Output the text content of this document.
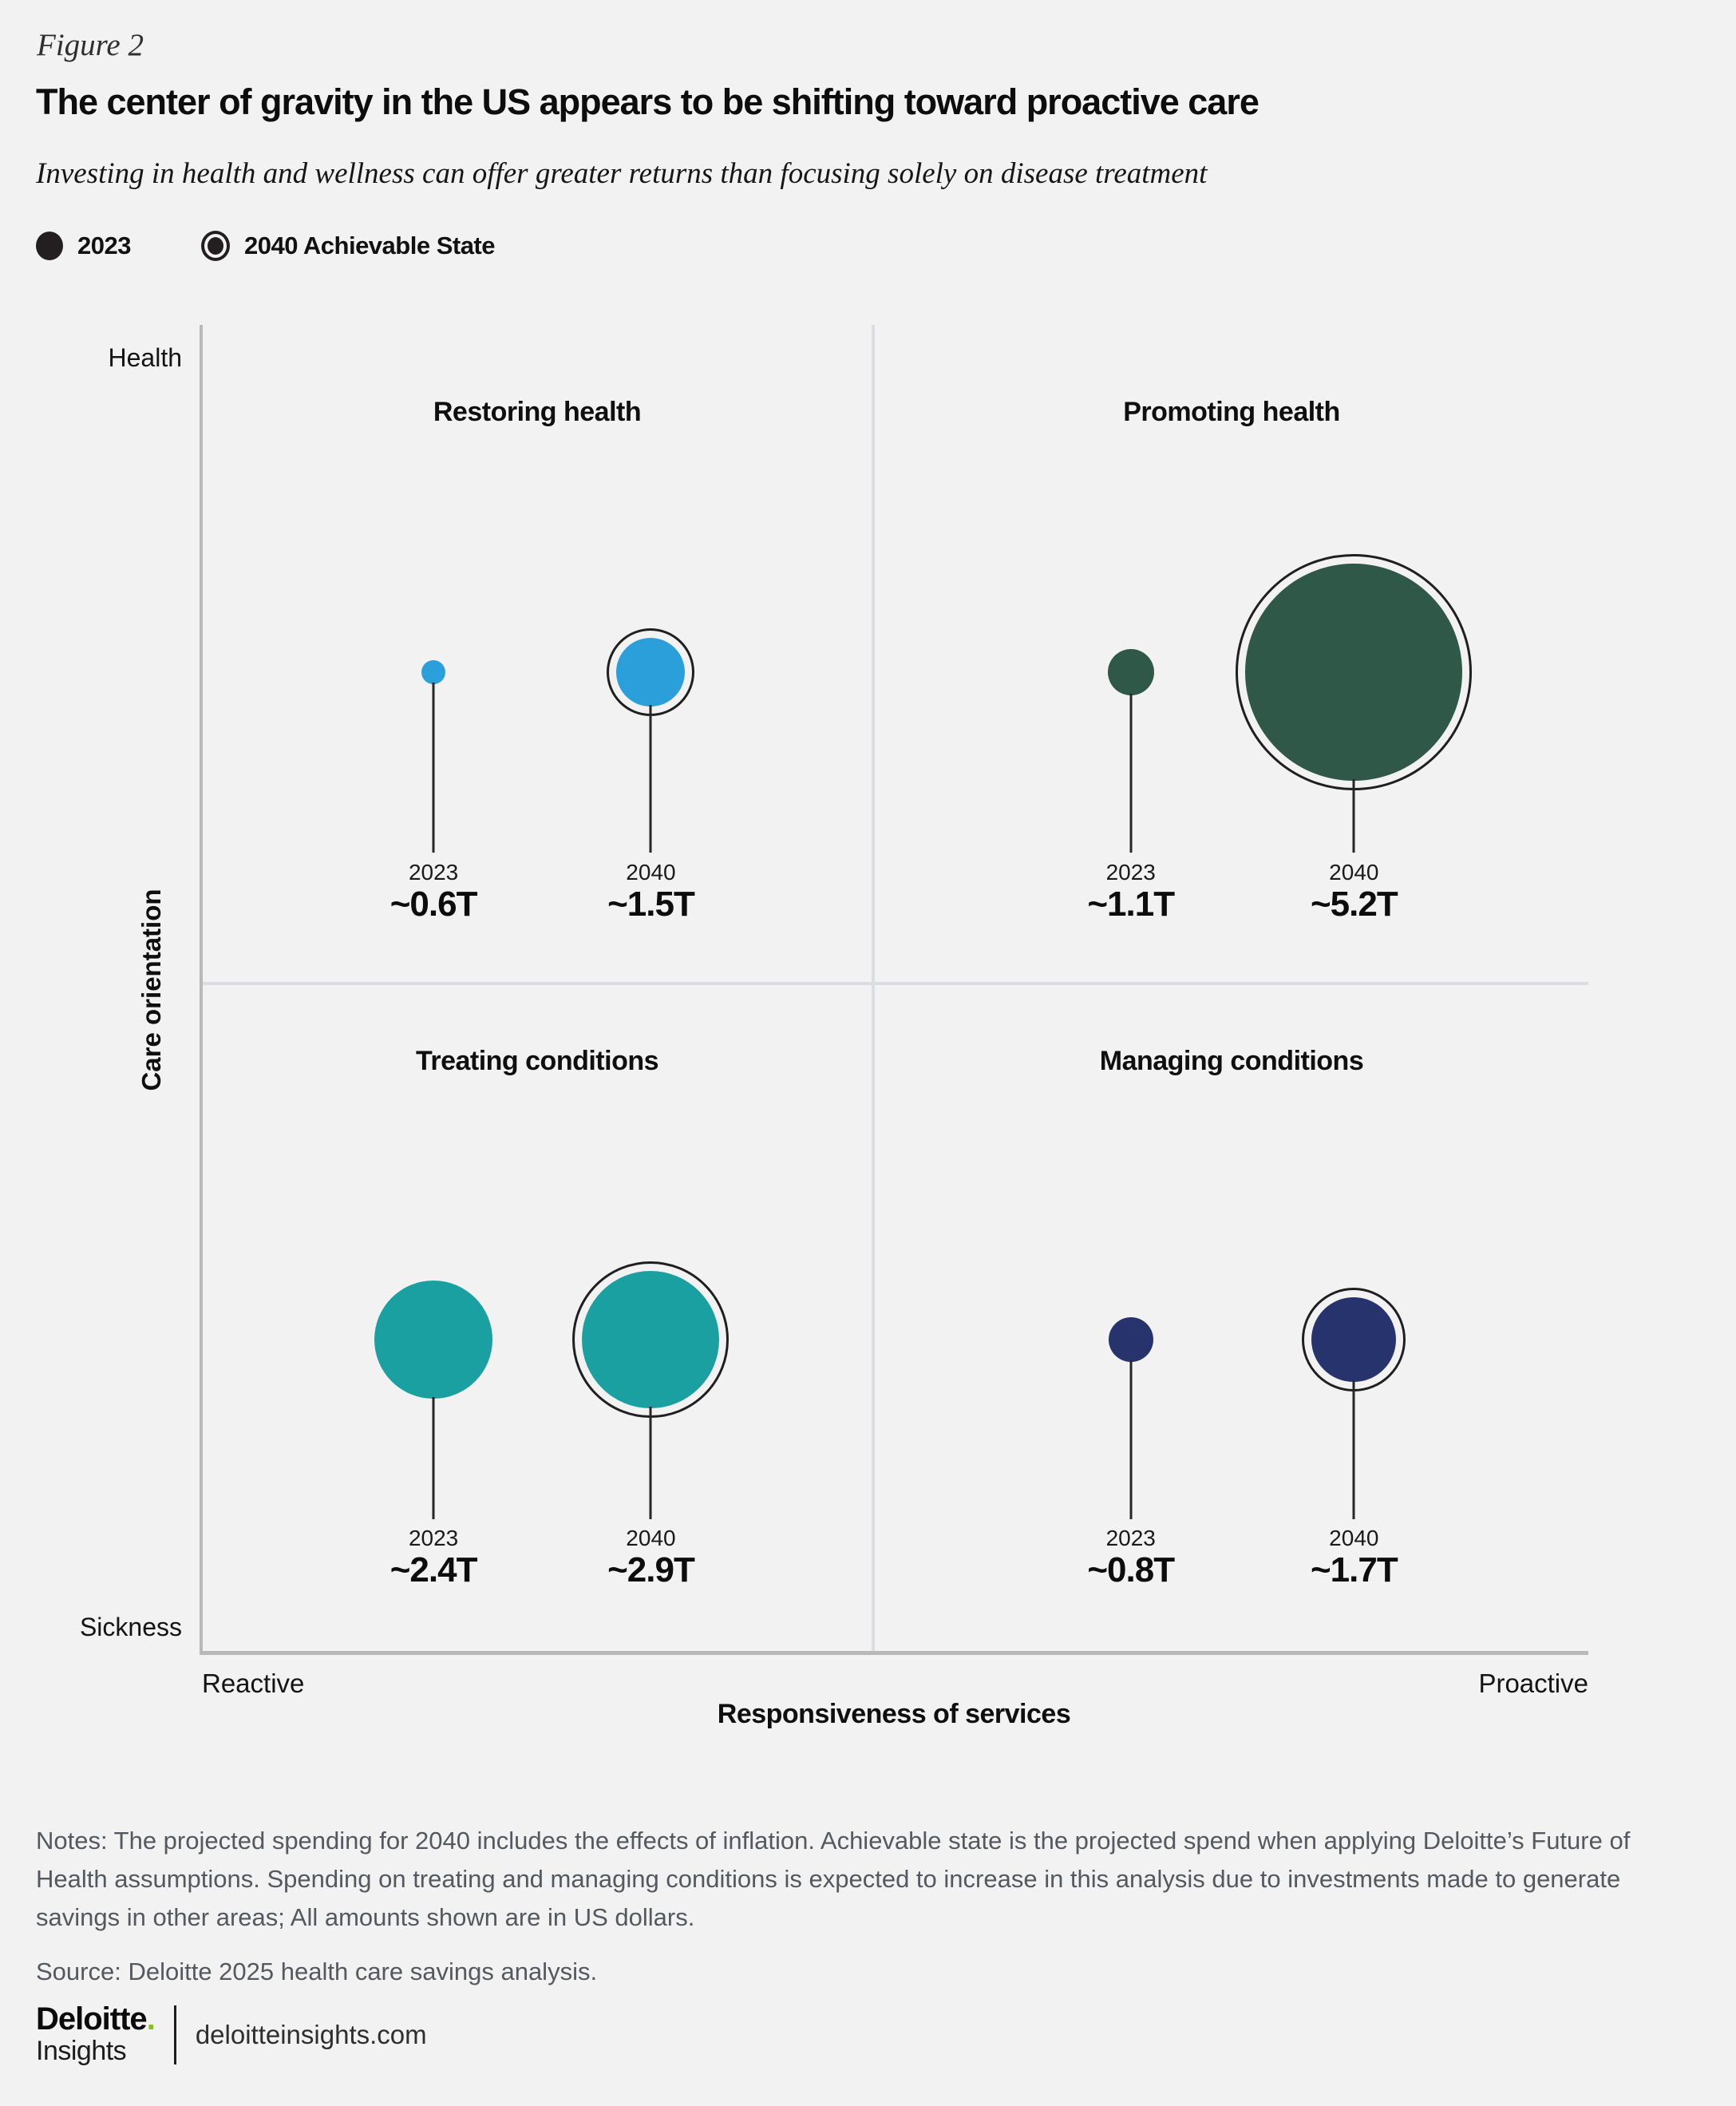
Figure 2
The center of gravity in the US appears to be shifting toward proactive care
Investing in health and wellness can offer greater returns than focusing solely on disease treatment
2023	2040 Achievable State
Health
Sickness
Care orientation
Reactive	Proactive
Responsiveness of services
Restoring health
2023
~0.6T
2040
~1.5T
Promoting health
2023
~1.1T
2040
~5.2T
Treating conditions
2023
~2.4T
2040
~2.9T
Managing conditions
2023
~0.8T
2040
~1.7T
Notes: The projected spending for 2040 includes the effects of inflation. Achievable state is the projected spend when applying Deloitte’s Future of Health assumptions. Spending on treating and managing conditions is expected to increase in this analysis due to investments made to generate savings in other areas; All amounts shown are in US dollars.
Source: Deloitte 2025 health care savings analysis.
Deloitte.
Insights
deloitteinsights.com
